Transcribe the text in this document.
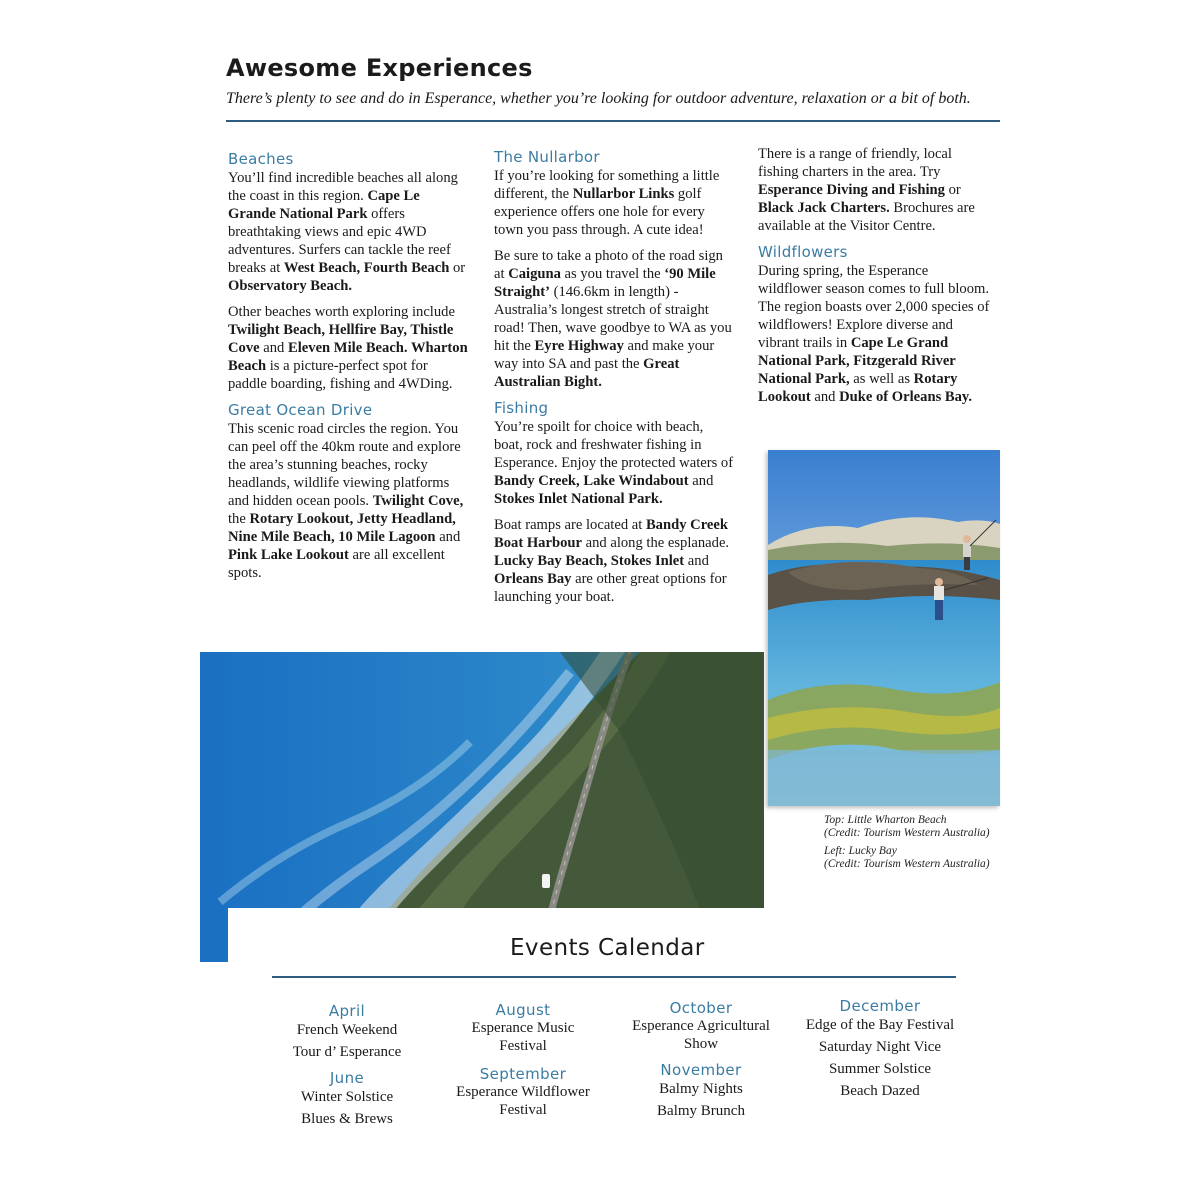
Awesome Experiences
There’s plenty to see and do in Esperance, whether you’re looking for outdoor adventure, relaxation or a bit of both.
Beaches

You’ll find incredible beaches all along the coast in this region. Cape Le Grande National Park offers breathtaking views and epic 4WD adventures. Surfers can tackle the reef breaks at West Beach, Fourth Beach or Observatory Beach.

Other beaches worth exploring include Twilight Beach, Hellfire Bay, Thistle Cove and Eleven Mile Beach. Wharton Beach is a picture-perfect spot for paddle boarding, fishing and 4WDing.

Great Ocean Drive

This scenic road circles the region. You can peel off the 40km route and explore the area’s stunning beaches, rocky headlands, wildlife viewing platforms and hidden ocean pools. Twilight Cove, the Rotary Lookout, Jetty Headland, Nine Mile Beach, 10 Mile Lagoon and Pink Lake Lookout are all excellent spots.

The Nullarbor

If you’re looking for something a little different, the Nullarbor Links golf experience offers one hole for every town you pass through. A cute idea!

Be sure to take a photo of the road sign at Caiguna as you travel the ‘90 Mile Straight’ (146.6km in length) - Australia’s longest stretch of straight road! Then, wave goodbye to WA as you hit the Eyre Highway and make your way into SA and past the Great Australian Bight.

Fishing

You’re spoilt for choice with beach, boat, rock and freshwater fishing in Esperance. Enjoy the protected waters of Bandy Creek, Lake Windabout and Stokes Inlet National Park.

Boat ramps are located at Bandy Creek Boat Harbour and along the esplanade. Lucky Bay Beach, Stokes Inlet and Orleans Bay are other great options for launching your boat.

There is a range of friendly, local fishing charters in the area. Try Esperance Diving and Fishing or Black Jack Charters. Brochures are available at the Visitor Centre.

Wildflowers

During spring, the Esperance wildflower season comes to full bloom. The region boasts over 2,000 species of wildflowers! Explore diverse and vibrant trails in Cape Le Grand National Park, Fitzgerald River National Park, as well as Rotary Lookout and Duke of Orleans Bay.

Top: Little Wharton Beach
(Credit: Tourism Western Australia)
Left: Lucky Bay
(Credit: Tourism Western Australia)
Events Calendar
April
French Weekend
Tour d’ Esperance
June
Winter Solstice
Blues & Brews
August
Esperance Music Festival
September
Esperance Wildflower Festival
October
Esperance Agricultural Show
November
Balmy Nights
Balmy Brunch
December
Edge of the Bay Festival
Saturday Night Vice
Summer Solstice
Beach Dazed
